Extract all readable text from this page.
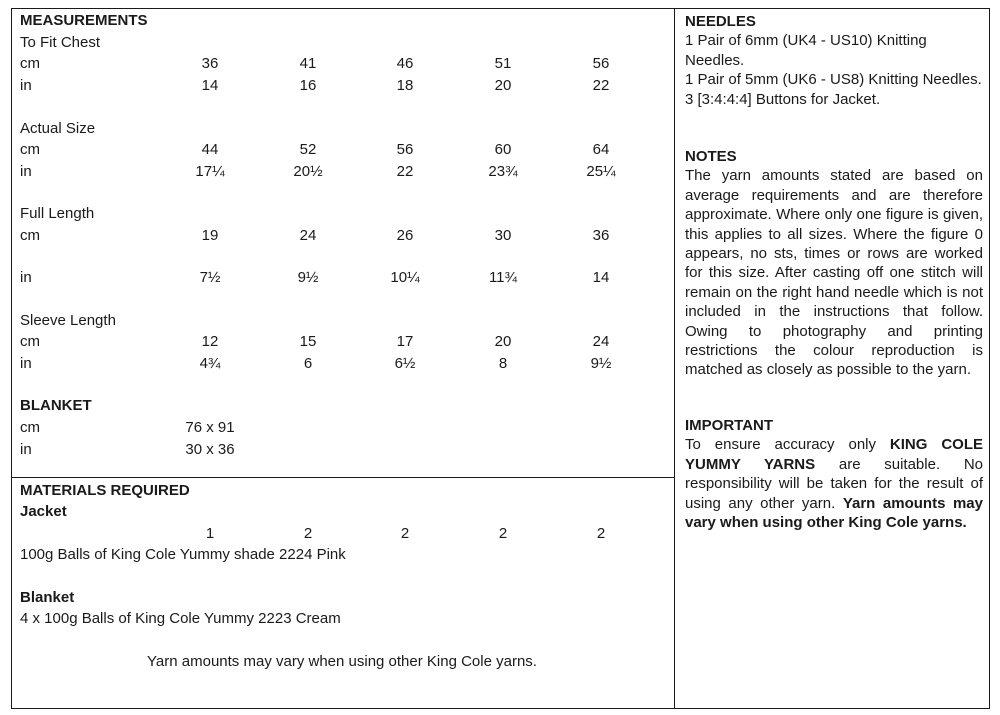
MEASUREMENTS
To Fit Chest
cm	36	41	46	51	56
in	14	16	18	20	22
Actual Size
cm	44	52	56	60	64
in	17¼	20½	22	23¾	25¼
Full Length
cm	19	24	26	30	36
in	7½	9½	10¼	11¾	14
Sleeve Length
cm	12	15	17	20	24
in	4¾	6	6½	8	9½
BLANKET
cm	76 x 91
in	30 x 36
MATERIALS REQUIRED
Jacket
1	2	2	2	2
100g Balls of King Cole Yummy shade 2224 Pink
Blanket
4 x 100g Balls of King Cole Yummy 2223 Cream
Yarn amounts may vary when using other King Cole yarns.

NEEDLES

1 Pair of 6mm (UK4 - US10) Knitting Needles.

1 Pair of 5mm (UK6 - US8) Knitting Needles.

3 [3:4:4:4] Buttons for Jacket.

NOTES

The yarn amounts stated are based on average requirements and are therefore approximate. Where only one figure is given, this applies to all sizes. Where the figure 0 appears, no sts, times or rows are worked for this size. After casting off one stitch will remain on the right hand needle which is not included in the instructions that follow. Owing to photography and printing restrictions the colour reproduction is matched as closely as possible to the yarn.

IMPORTANT

To ensure accuracy only KING COLE YUMMY YARNS are suitable. No responsibility will be taken for the result of using any other yarn. Yarn amounts may vary when using other King Cole yarns.
